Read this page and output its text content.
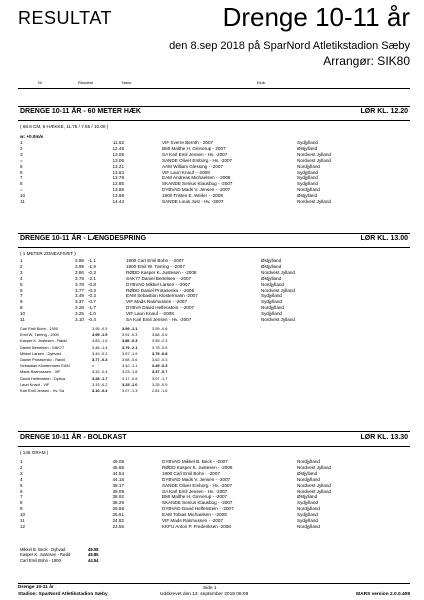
RESULTAT	Drenge 10-11 år
den 8.sep 2018 på SparNord Atletikstadion Sæby
Arrangør: SIK80
Nr	Resultat	Navn	Klub
DRENGE 10-11 ÅR - 60 METER HÆK	LØR KL. 12.20
( 68.6 CM, 6 HÆKKE, 11.75 / 7.65 / 10.00 )
w: +0.0m/s
1	11.62		VIF Sverre Bernth - 2007	Sydjylland
2	12.48		BMI Malthe H. Ginnerup - 2007	Østjylland
3	13.06		SA Karl Emil Jensen - Hv. -2007	Nordvest Jylland
=	13.06		SANDE Oliver Emborg - Hv. -2007	Nordvest Jylland
5	13.21		AAM William Glessing - -2007	Nordjylland
6	13.63		VIF Lauri Knauf - -2008	Sydjylland
7	13.79		EAM Andreas Michaelsen - -2008	Sydjylland
8	13.85		SKANDE Senius Klausbug - -2007	Sydjylland
=	13.85		DYBVAD Mads V. Jensen - -2007	Nordjylland
10	13.98		1900 Tristen E. Weiler - -2008	Østjylland
11	14.44		SANDE Louis Just - Hv. -2007	Nordvest Jylland
DRENGE 10-11 ÅR - LÆNGDESPRING	LØR KL. 13.00
( 1 METER ZONEAFSÆT )
1	3.99	-1.1	1900 Carl Emil Bohn - -2007	Østjylland
2	3.99	-1.9	1900 Emil W. Tørring - -2007	Østjylland
3	3.86	-0.3	RØDD Kasper K. Justesen - -2008	Nordvest Jylland
4	3.79	-2.1	SAK77 Daniel Bertelsen - -2007	Østjylland
5	3.78	-0.8	DYBVAD Mikkel Larsen - -2007	Nordjylland
6	3.77	-0.3	RØDD Daniel Protasenko - -2008	Nordvest Jylland
7	3.49	-0.3	EAM Sebastian Klostermann -2007	Sydjylland
8	3.37	-0.7	VIF Mads Rasmussen - -2007	Sydjylland
9	3.28	-1.7	DYBVA David Helfenstein - -2007	Nordjylland
10	3.25	-1.0	VIF Lauri Knauf - -2008	Sydjylland
11	3.10	-0.4	SA Karl Emil Jensen - Hv. -2007	Nordvest Jylland
Carl Emil Bohn - 1900	3.95 -0.5	3.99 -1.1	3.59 -0.6
Emil W. Tørring - 1900	3.99 -1.9	3.91 -0.3	3.68 -0.6
Kasper K. Justesen - Rødd	3.83 -1.5	3.86 -0.3	3.55 -2.3
Daniel Bertelsen - SAK77	3.46 -1.4	3.79 -2.1	3.78 -0.5
Mikkel Larsen - Dybvad	3.49 -0.3	3.57 -1.9	3.78 -0.8
Daniel Protasenko - Rødd	3.77 -0.3	3.68 -0.6	3.62 -0.3
Sebastian Klostermann EAM	x	3.42 -1.1	3.49 -0.3
Mads Rasmussen - VIF	3.32 -0.4	3.23 -1.8	3.37 -0.7
David Helfenstein - Dybva	3.28 -1.7	3.17 -0.6	3.07 -1.7
Lauri Knauf - VIF	3.15 -0.2	3.25 -1.0	3.25 -0.9
Karl Emil Jensen - Hv. Sa	3.10 -0.4	3.07 -1.3	2.81 -1.6
DRENGE 10-11 ÅR - BOLDKAST	LØR KL. 13.30
( 145 GRAM )
1	49.08		DYBVAD Mikkel B. Beck - -2007	Nordjylland
2	45.85		RØDD Kasper K. Justesen - -2008	Nordvest Jylland
3	44.54		1900 Carl Emil Bohn - -2007	Østjylland
4	44.18		DYBVAD Mads V. Jensen - -2007	Nordjylland
5	39.17		SANDE Oliver Emborg - Hv. -2007	Nordvest Jylland
6	39.09		SA Karl Emil Jensen - Hv. -2007	Nordvest Jylland
7	38.92		BMI Malthe H. Ginnerup - -2007	Østjylland
8	38.29		SKANDE Senius Klausbug - -2007	Sydjylland
9	29.56		DYBVAD David Helfenstein - -2007	Nordjylland
10	25.61		EAM Tobias Michaelsen - -2008	Sydjylland
11	24.82		VIF Mads Rasmussen - -2007	Sydjylland
12	23.55		KKFU Anton P. Frederiksen -2008	Nordjylland
Mikkel B. Beck - Dybvad	49.08
Kasper K. Justesen - Rødd	45.85
Carl Emil Bohn - 1900	44.54
Drenge 10-11 år
Stadion: SparNord Atletikstadion Sæby
Side 1
Udskrevet den 13. september 2018 06:09	MARS version 2.0.0.408
